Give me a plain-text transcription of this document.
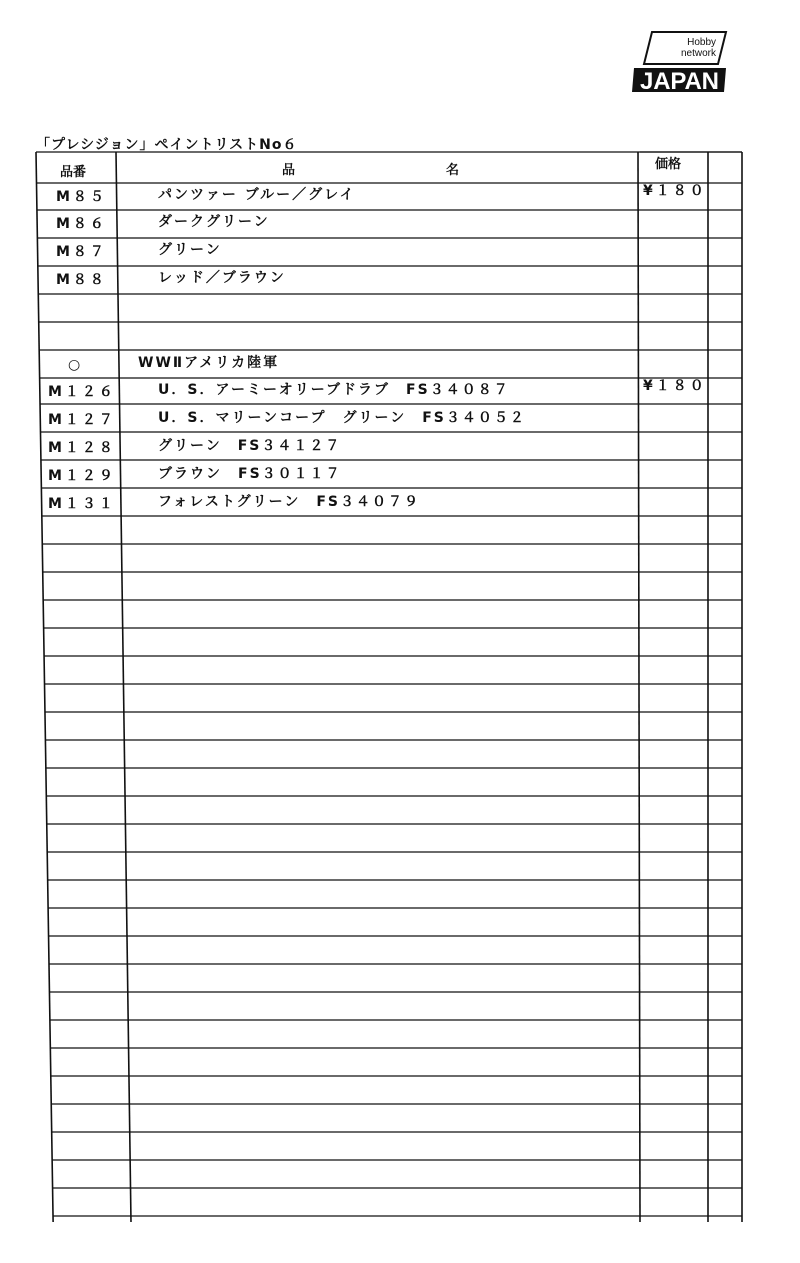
Hobby
network
JAPAN
「プレシジョン」ペイントリストNo６
品番	品	名	価格
M８５	パンツァー ブルー／グレイ	¥１８０
M８６	ダークグリーン
M８７	グリーン
M８８	レッド／ブラウン
○	WWⅡアメリカ陸軍
M１２６	U．S．アーミーオリーブドラブ　FS３４０８７	¥１８０
M１２７	U．S．マリーンコープ　グリーン　FS３４０５２
M１２８	グリーン　FS３４１２７
M１２９	ブラウン　FS３０１１７
M１３１	フォレストグリーン　FS３４０７９
